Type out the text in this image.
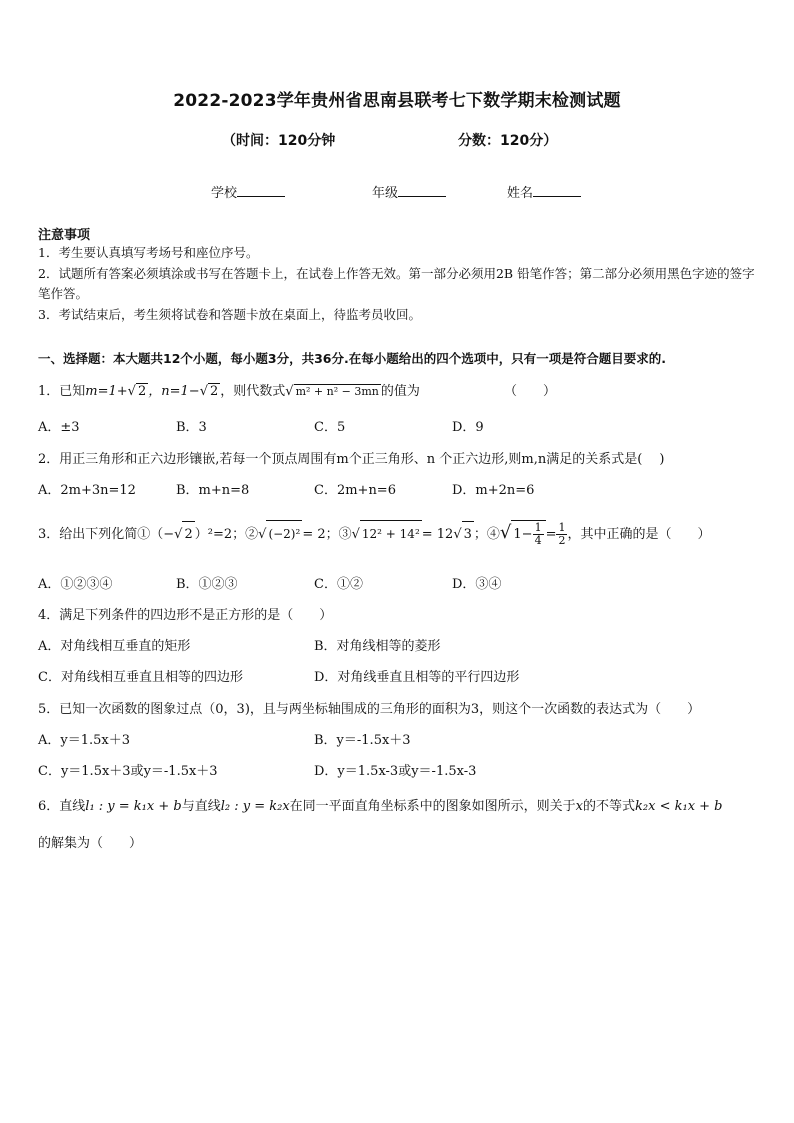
2022-2023学年贵州省思南县联考七下数学期末检测试题
（时间：120分钟	分数：120分）
学校	年级	姓名
注意事项
1．考生要认真填写考场号和座位序号。
2．试题所有答案必须填涂或书写在答题卡上，在试卷上作答无效。第一部分必须用2B 铅笔作答；第二部分必须用黑色字迹的签字笔作答。
3．考试结束后，考生须将试卷和答题卡放在桌面上，待监考员收回。
一、选择题：本大题共12个小题，每小题3分，共36分.在每小题给出的四个选项中，只有一项是符合题目要求的.
1．已知m=1+√ 2 ，n=1−√ 2 ，则代数式√ m² + n² − 3mn 的值为	（　　）
A．±3	B．3	C．5	D．9
2．用正三角形和正六边形镶嵌,若每一个顶点周围有m个正三角形、n 个正六边形,则m,n满足的关系式是(　 )
A．2m+3n=12	B．m+n=8	C．2m+n=6	D．m+2n=6
3．给出下列化简①（−√ 2 ）²=2；②√ (−2)² = 2；③√ 12² + 14² = 12√ 3 ；④√ $1- \frac{1}{4} = \frac{1}{2}$ ，其中正确的是（　　）
A．①②③④	B．①②③	C．①②	D．③④
4．满足下列条件的四边形不是正方形的是（　　）
A．对角线相互垂直的矩形	B．对角线相等的菱形
C．对角线相互垂直且相等的四边形	D．对角线垂直且相等的平行四边形
5．已知一次函数的图象过点（0，3)，且与两坐标轴围成的三角形的面积为3，则这个一次函数的表达式为（　　）
A．y＝1.5x＋3	B．y＝-1.5x＋3
C．y＝1.5x＋3或y＝-1.5x＋3	D．y＝1.5x-3或y＝-1.5x-3
6．直线l₁ : y = k₁x + b与直线l₂ : y = k₂x在同一平面直角坐标系中的图象如图所示，则关于x的不等式k₂x < k₁x + b
的解集为（　　）
